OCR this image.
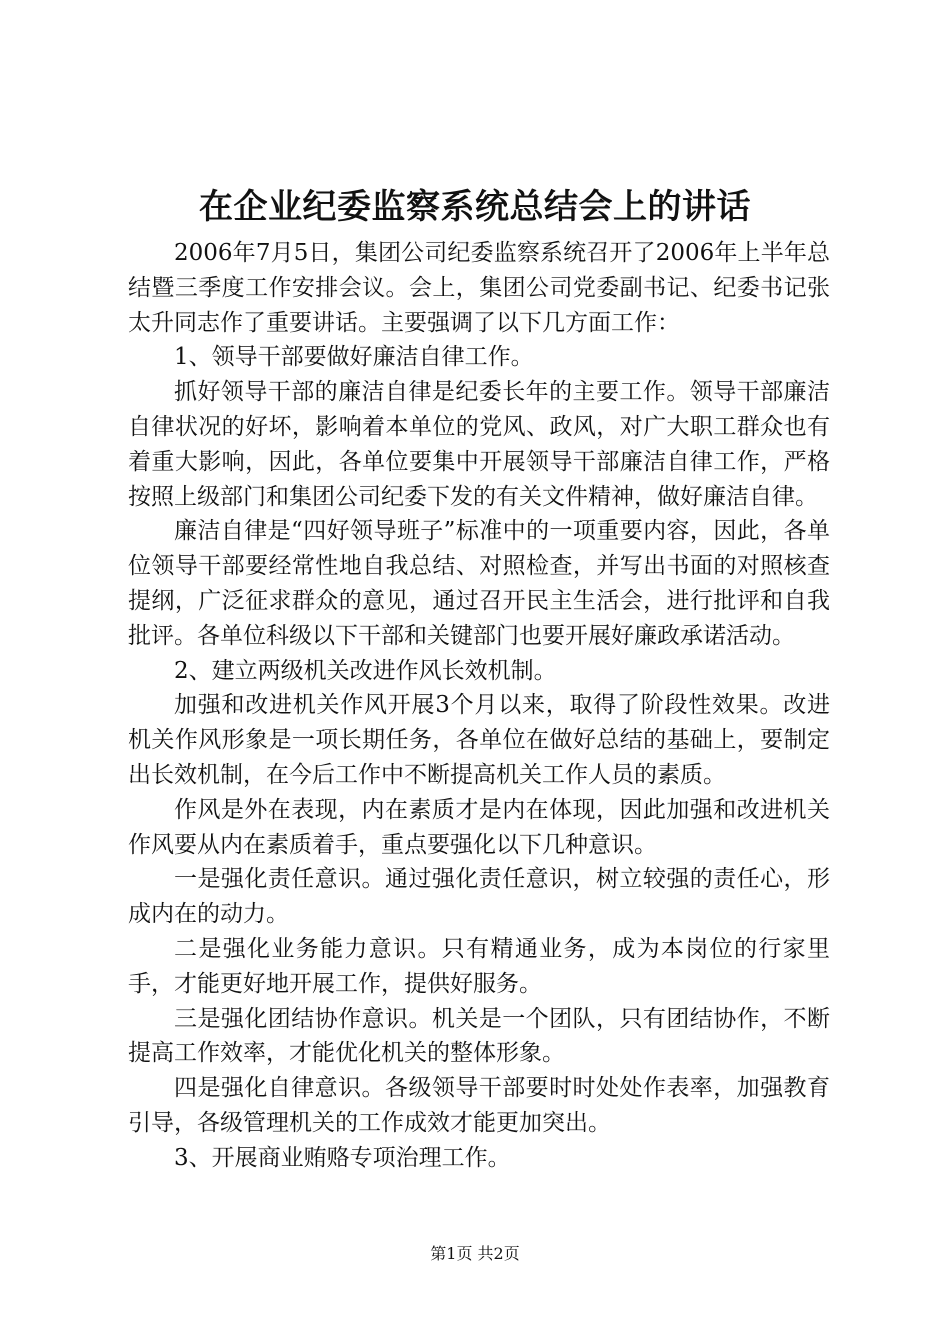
在企业纪委监察系统总结会上的讲话

2006年7月5日，集团公司纪委监察系统召开了2006年上半年总结暨三季度工作安排会议。会上，集团公司党委副书记、纪委书记张太升同志作了重要讲话。主要强调了以下几方面工作：

1、领导干部要做好廉洁自律工作。

抓好领导干部的廉洁自律是纪委长年的主要工作。领导干部廉洁自律状况的好坏，影响着本单位的党风、政风，对广大职工群众也有着重大影响，因此，各单位要集中开展领导干部廉洁自律工作，严格按照上级部门和集团公司纪委下发的有关文件精神，做好廉洁自律。

廉洁自律是“四好领导班子”标准中的一项重要内容，因此，各单位领导干部要经常性地自我总结、对照检查，并写出书面的对照核查提纲，广泛征求群众的意见，通过召开民主生活会，进行批评和自我批评。各单位科级以下干部和关键部门也要开展好廉政承诺活动。

2、建立两级机关改进作风长效机制。

加强和改进机关作风开展3个月以来，取得了阶段性效果。改进机关作风形象是一项长期任务，各单位在做好总结的基础上，要制定出长效机制，在今后工作中不断提高机关工作人员的素质。

作风是外在表现，内在素质才是内在体现，因此加强和改进机关作风要从内在素质着手，重点要强化以下几种意识。

一是强化责任意识。通过强化责任意识，树立较强的责任心，形成内在的动力。

二是强化业务能力意识。只有精通业务，成为本岗位的行家里手，才能更好地开展工作，提供好服务。

三是强化团结协作意识。机关是一个团队，只有团结协作，不断提高工作效率，才能优化机关的整体形象。

四是强化自律意识。各级领导干部要时时处处作表率，加强教育引导，各级管理机关的工作成效才能更加突出。

3、开展商业贿赂专项治理工作。

第1页 共2页
